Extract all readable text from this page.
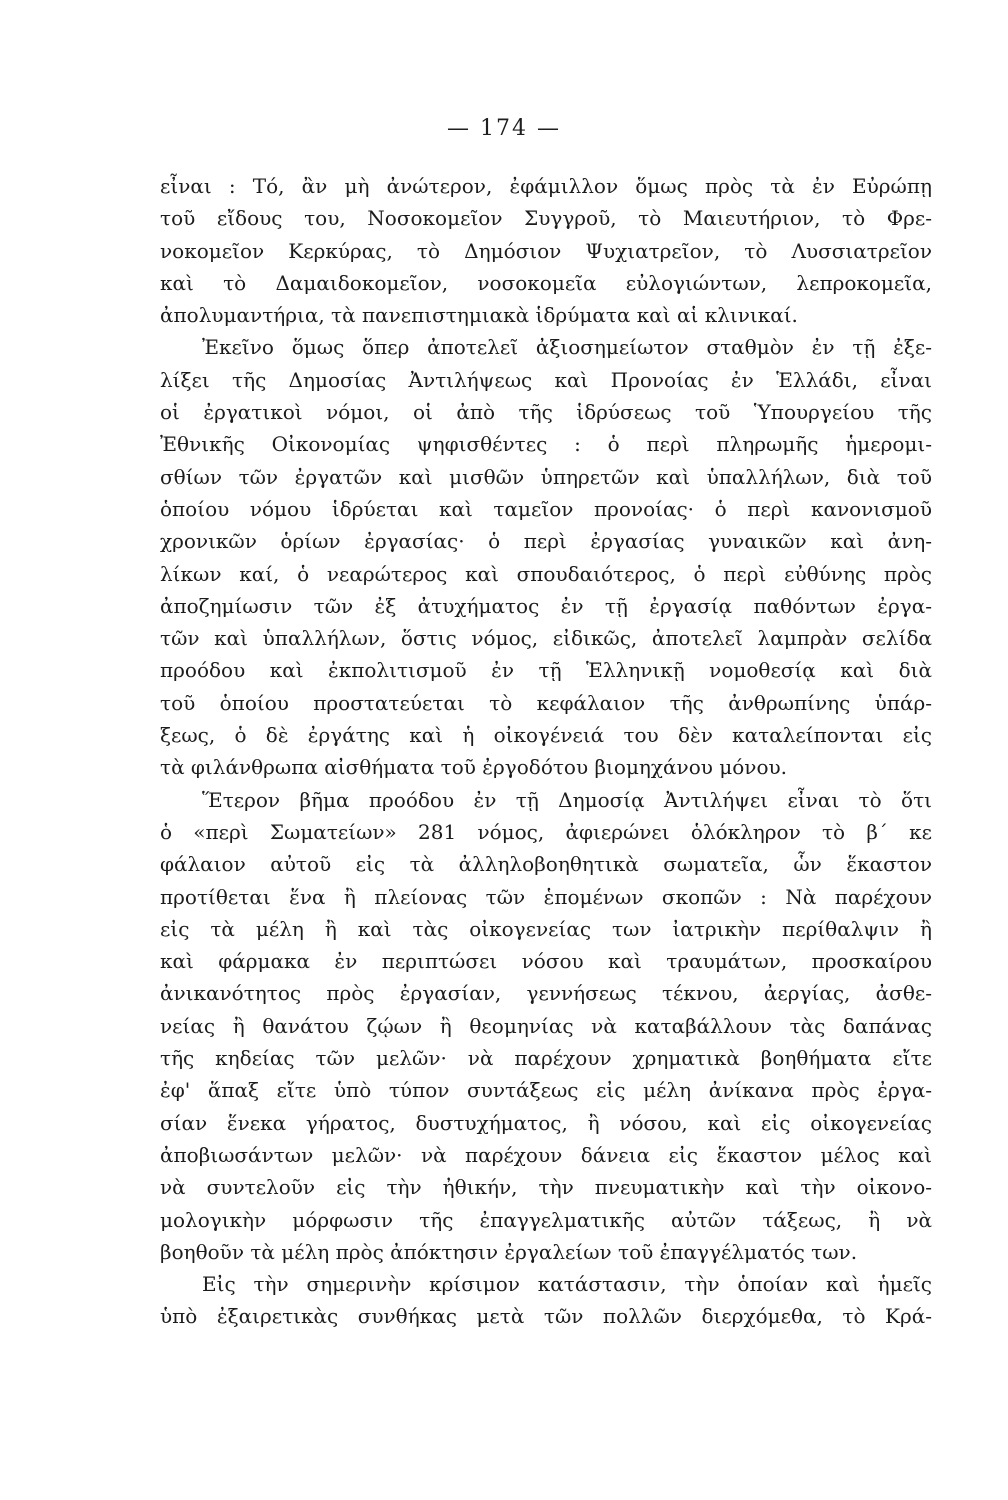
— 174 —
εἶναι : Τό, ἂν μὴ ἀνώτερον, ἐφάμιλλον ὅμως πρὸς τὰ ἐν Εὐρώπῃ
τοῦ εἴδους του, Νοσοκομεῖον Συγγροῦ, τὸ Μαιευτήριον, τὸ Φρε-
νοκομεῖον Κερκύρας, τὸ Δημόσιον Ψυχιατρεῖον, τὸ Λυσσιατρεῖον
καὶ τὸ Δαμαιδοκομεῖον, νοσοκομεῖα εὐλογιώντων, λεπροκομεῖα,
ἀπολυμαντήρια, τὰ πανεπιστημιακὰ ἱδρύματα καὶ αἱ κλινικαί.
Ἐκεῖνο ὅμως ὅπερ ἀποτελεῖ ἀξιοσημείωτον σταθμὸν ἐν τῇ ἐξε-
λίξει τῆς Δημοσίας Ἀντιλήψεως καὶ Προνοίας ἐν Ἑλλάδι, εἶναι
οἱ ἐργατικοὶ νόμοι, οἱ ἀπὸ τῆς ἱδρύσεως τοῦ Ὑπουργείου τῆς
Ἐθνικῆς Οἰκονομίας ψηφισθέντες : ὁ περὶ πληρωμῆς ἡμερομι-
σθίων τῶν ἐργατῶν καὶ μισθῶν ὑπηρετῶν καὶ ὑπαλλήλων, διὰ τοῦ
ὁποίου νόμου ἱδρύεται καὶ ταμεῖον προνοίας· ὁ περὶ κανονισμοῦ
χρονικῶν ὁρίων ἐργασίας· ὁ περὶ ἐργασίας γυναικῶν καὶ ἀνη-
λίκων καί, ὁ νεαρώτερος καὶ σπουδαιότερος, ὁ περὶ εὐθύνης πρὸς
ἀποζημίωσιν τῶν ἐξ ἀτυχήματος ἐν τῇ ἐργασίᾳ παθόντων ἐργα-
τῶν καὶ ὑπαλλήλων, ὅστις νόμος, εἰδικῶς, ἀποτελεῖ λαμπρὰν σελίδα
προόδου καὶ ἐκπολιτισμοῦ ἐν τῇ Ἑλληνικῇ νομοθεσίᾳ καὶ διὰ
τοῦ ὁποίου προστατεύεται τὸ κεφάλαιον τῆς ἀνθρωπίνης ὑπάρ-
ξεως, ὁ δὲ ἐργάτης καὶ ἡ οἰκογένειά του δὲν καταλείπονται εἰς
τὰ φιλάνθρωπα αἰσθήματα τοῦ ἐργοδότου βιομηχάνου μόνου.
Ἕτερον βῆμα προόδου ἐν τῇ Δημοσίᾳ Ἀντιλήψει εἶναι τὸ ὅτι
ὁ «περὶ Σωματείων» 281 νόμος, ἀφιερώνει ὁλόκληρον τὸ β΄ κε
φάλαιον αὐτοῦ εἰς τὰ ἀλληλοβοηθητικὰ σωματεῖα, ὧν ἕκαστον
προτίθεται ἕνα ἢ πλείονας τῶν ἑπομένων σκοπῶν : Νὰ παρέχουν
εἰς τὰ μέλη ἢ καὶ τὰς οἰκογενείας των ἰατρικὴν περίθαλψιν ἢ
καὶ φάρμακα ἐν περιπτώσει νόσου καὶ τραυμάτων, προσκαίρου
ἀνικανότητος πρὸς ἐργασίαν, γεννήσεως τέκνου, ἀεργίας, ἀσθε-
νείας ἢ θανάτου ζῴων ἢ θεομηνίας νὰ καταβάλλουν τὰς δαπάνας
τῆς κηδείας τῶν μελῶν· νὰ παρέχουν χρηματικὰ βοηθήματα εἴτε
ἐφ' ἅπαξ εἴτε ὑπὸ τύπον συντάξεως εἰς μέλη ἀνίκανα πρὸς ἐργα-
σίαν ἕνεκα γήρατος, δυστυχήματος, ἢ νόσου, καὶ εἰς οἰκογενείας
ἀποβιωσάντων μελῶν· νὰ παρέχουν δάνεια εἰς ἕκαστον μέλος καὶ
νὰ συντελοῦν εἰς τὴν ἠθικήν, τὴν πνευματικὴν καὶ τὴν οἰκονο-
μολογικὴν μόρφωσιν τῆς ἐπαγγελματικῆς αὐτῶν τάξεως, ἢ νὰ
βοηθοῦν τὰ μέλη πρὸς ἀπόκτησιν ἐργαλείων τοῦ ἐπαγγέλματός των.
Εἰς τὴν σημερινὴν κρίσιμον κατάστασιν, τὴν ὁποίαν καὶ ἡμεῖς
ὑπὸ ἐξαιρετικὰς συνθήκας μετὰ τῶν πολλῶν διερχόμεθα, τὸ Κρά-
